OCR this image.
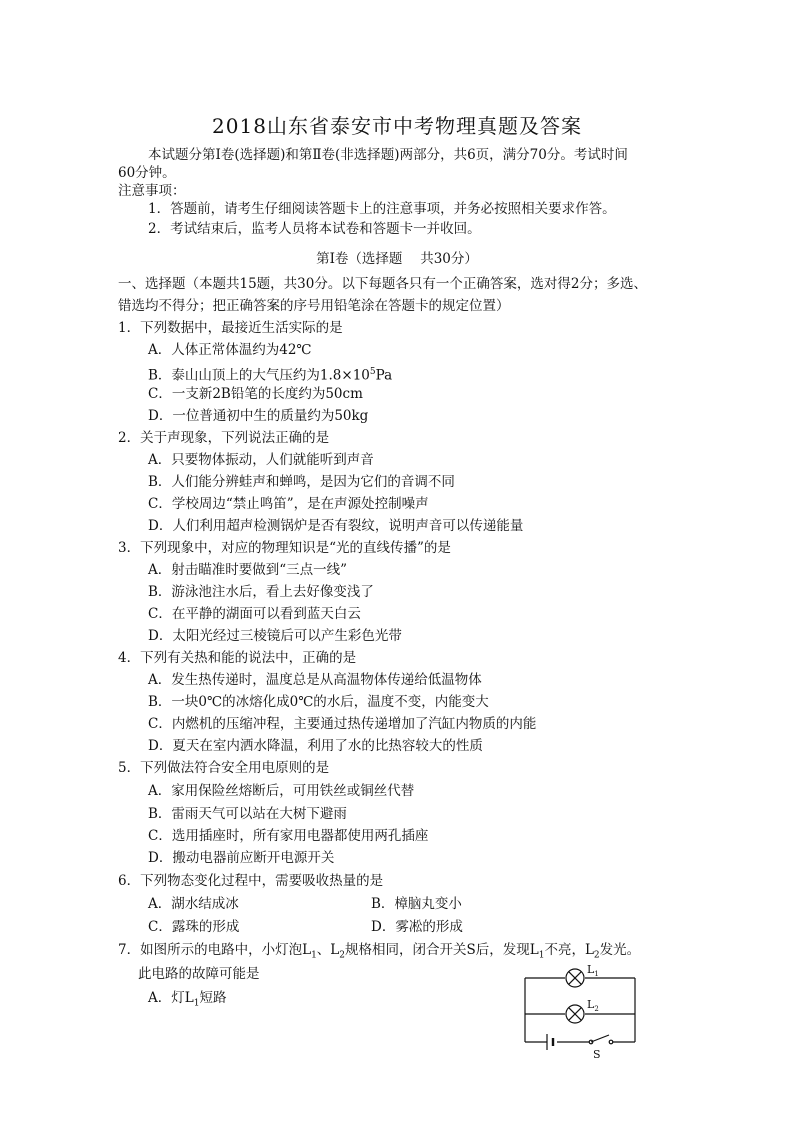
2018山东省泰安市中考物理真题及答案
本试题分第Ⅰ卷(选择题)和第Ⅱ卷(非选择题)两部分，共6页，满分70分。考试时间
60分钟。
注意事项：
1．答题前，请考生仔细阅读答题卡上的注意事项，并务必按照相关要求作答。
2．考试结束后，监考人员将本试卷和答题卡一并收回。
第Ⅰ卷（选择题　 共30分）
一、选择题（本题共15题，共30分。以下每题各只有一个正确答案，选对得2分；多选、
错选均不得分；把正确答案的序号用铅笔涂在答题卡的规定位置）
1．下列数据中，最接近生活实际的是
A．人体正常体温约为42℃
B．泰山山顶上的大气压约为$1.8\times 10^5Pa$
C．一支新2B铅笔的长度约为50cm
D．一位普通初中生的质量约为50kg
2．关于声现象，下列说法正确的是
A．只要物体振动，人们就能听到声音
B．人们能分辨蛙声和蝉鸣，是因为它们的音调不同
C．学校周边“禁止鸣笛”，是在声源处控制噪声
D．人们利用超声检测锅炉是否有裂纹，说明声音可以传递能量
3．下列现象中，对应的物理知识是“光的直线传播”的是
A．射击瞄准时要做到“三点一线”
B．游泳池注水后，看上去好像变浅了
C．在平静的湖面可以看到蓝天白云
D．太阳光经过三棱镜后可以产生彩色光带
4．下列有关热和能的说法中，正确的是
A．发生热传递时，温度总是从高温物体传递给低温物体
B．一块0℃的冰熔化成0℃的水后，温度不变，内能变大
C．内燃机的压缩冲程，主要通过热传递增加了汽缸内物质的内能
D．夏天在室内洒水降温，利用了水的比热容较大的性质
5．下列做法符合安全用电原则的是
A．家用保险丝熔断后，可用铁丝或铜丝代替
B．雷雨天气可以站在大树下避雨
C．选用插座时，所有家用电器都使用两孔插座
D．搬动电器前应断开电源开关
6．下列物态变化过程中，需要吸收热量的是
A．湖水结成冰	B．樟脑丸变小
C．露珠的形成	D．雾凇的形成
7．如图所示的电路中，小灯泡$L_1$、$L_2$规格相同，闭合开关S后，发现$L_1$不亮，$L_2$发光。
此电路的故障可能是
A．灯$L_1$短路
$L_1$
$L_2$
S
